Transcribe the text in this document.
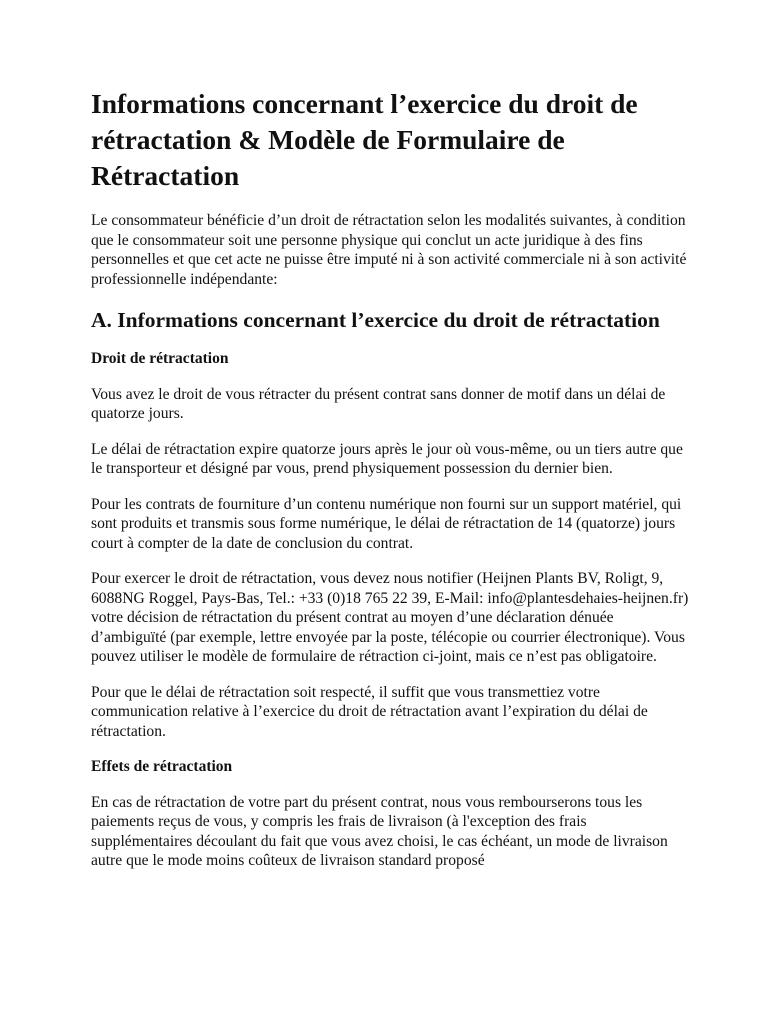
Informations concernant l’exercice du droit de rétractation & Modèle de Formulaire de Rétractation

Le consommateur bénéficie d’un droit de rétractation selon les modalités suivantes, à condition que le consommateur soit une personne physique qui conclut un acte juridique à des fins personnelles et que cet acte ne puisse être imputé ni à son activité commerciale ni à son activité professionnelle indépendante:

A. Informations concernant l’exercice du droit de rétractation
Droit de rétractation

Vous avez le droit de vous rétracter du présent contrat sans donner de motif dans un délai de quatorze jours.

Le délai de rétractation expire quatorze jours après le jour où vous-même, ou un tiers autre que le transporteur et désigné par vous, prend physiquement possession du dernier bien.

Pour les contrats de fourniture d’un contenu numérique non fourni sur un support matériel, qui sont produits et transmis sous forme numérique, le délai de rétractation de 14 (quatorze) jours court à compter de la date de conclusion du contrat.

Pour exercer le droit de rétractation, vous devez nous notifier (Heijnen Plants BV, Roligt, 9, 6088NG Roggel, Pays-Bas, Tel.: +33 (0)18 765 22 39, E-Mail: info@plantesdehaies-heijnen.fr) votre décision de rétractation du présent contrat au moyen d’une déclaration dénuée d’ambiguïté (par exemple, lettre envoyée par la poste, télécopie ou courrier électronique). Vous pouvez utiliser le modèle de formulaire de rétraction ci-joint, mais ce n’est pas obligatoire.

Pour que le délai de rétractation soit respecté, il suffit que vous transmettiez votre communication relative à l’exercice du droit de rétractation avant l’expiration du délai de rétractation.

Effets de rétractation

En cas de rétractation de votre part du présent contrat, nous vous rembourserons tous les paiements reçus de vous, y compris les frais de livraison (à l'exception des frais supplémentaires découlant du fait que vous avez choisi, le cas échéant, un mode de livraison autre que le mode moins coûteux de livraison standard proposé
